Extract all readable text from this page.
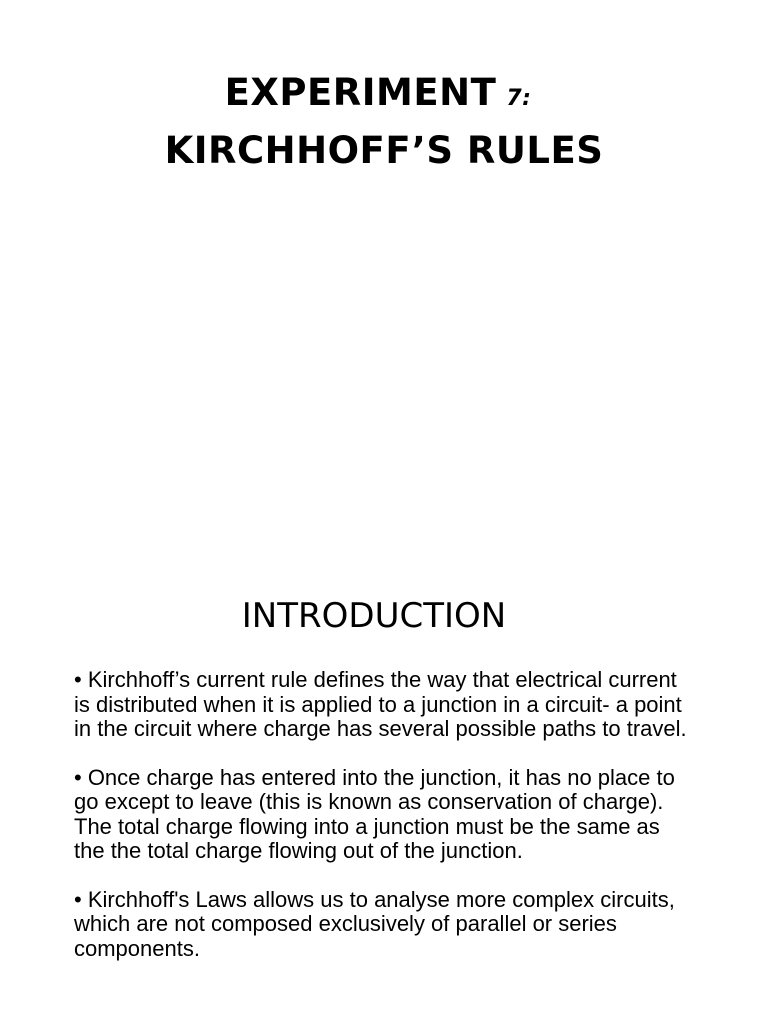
EXPERIMENT 7:
KIRCHHOFF’S RULES
INTRODUCTION
• Kirchhoff’s current rule defines the way that electrical current is distributed when it is applied to a junction in a circuit- a point in the circuit where charge has several possible paths to travel.
• Once charge has entered into the junction, it has no place to go except to leave (this is known as conservation of charge). The total charge flowing into a junction must be the same as the the total charge flowing out of the junction.
• Kirchhoff's Laws allows us to analyse more complex circuits, which are not composed exclusively of parallel or series components.
